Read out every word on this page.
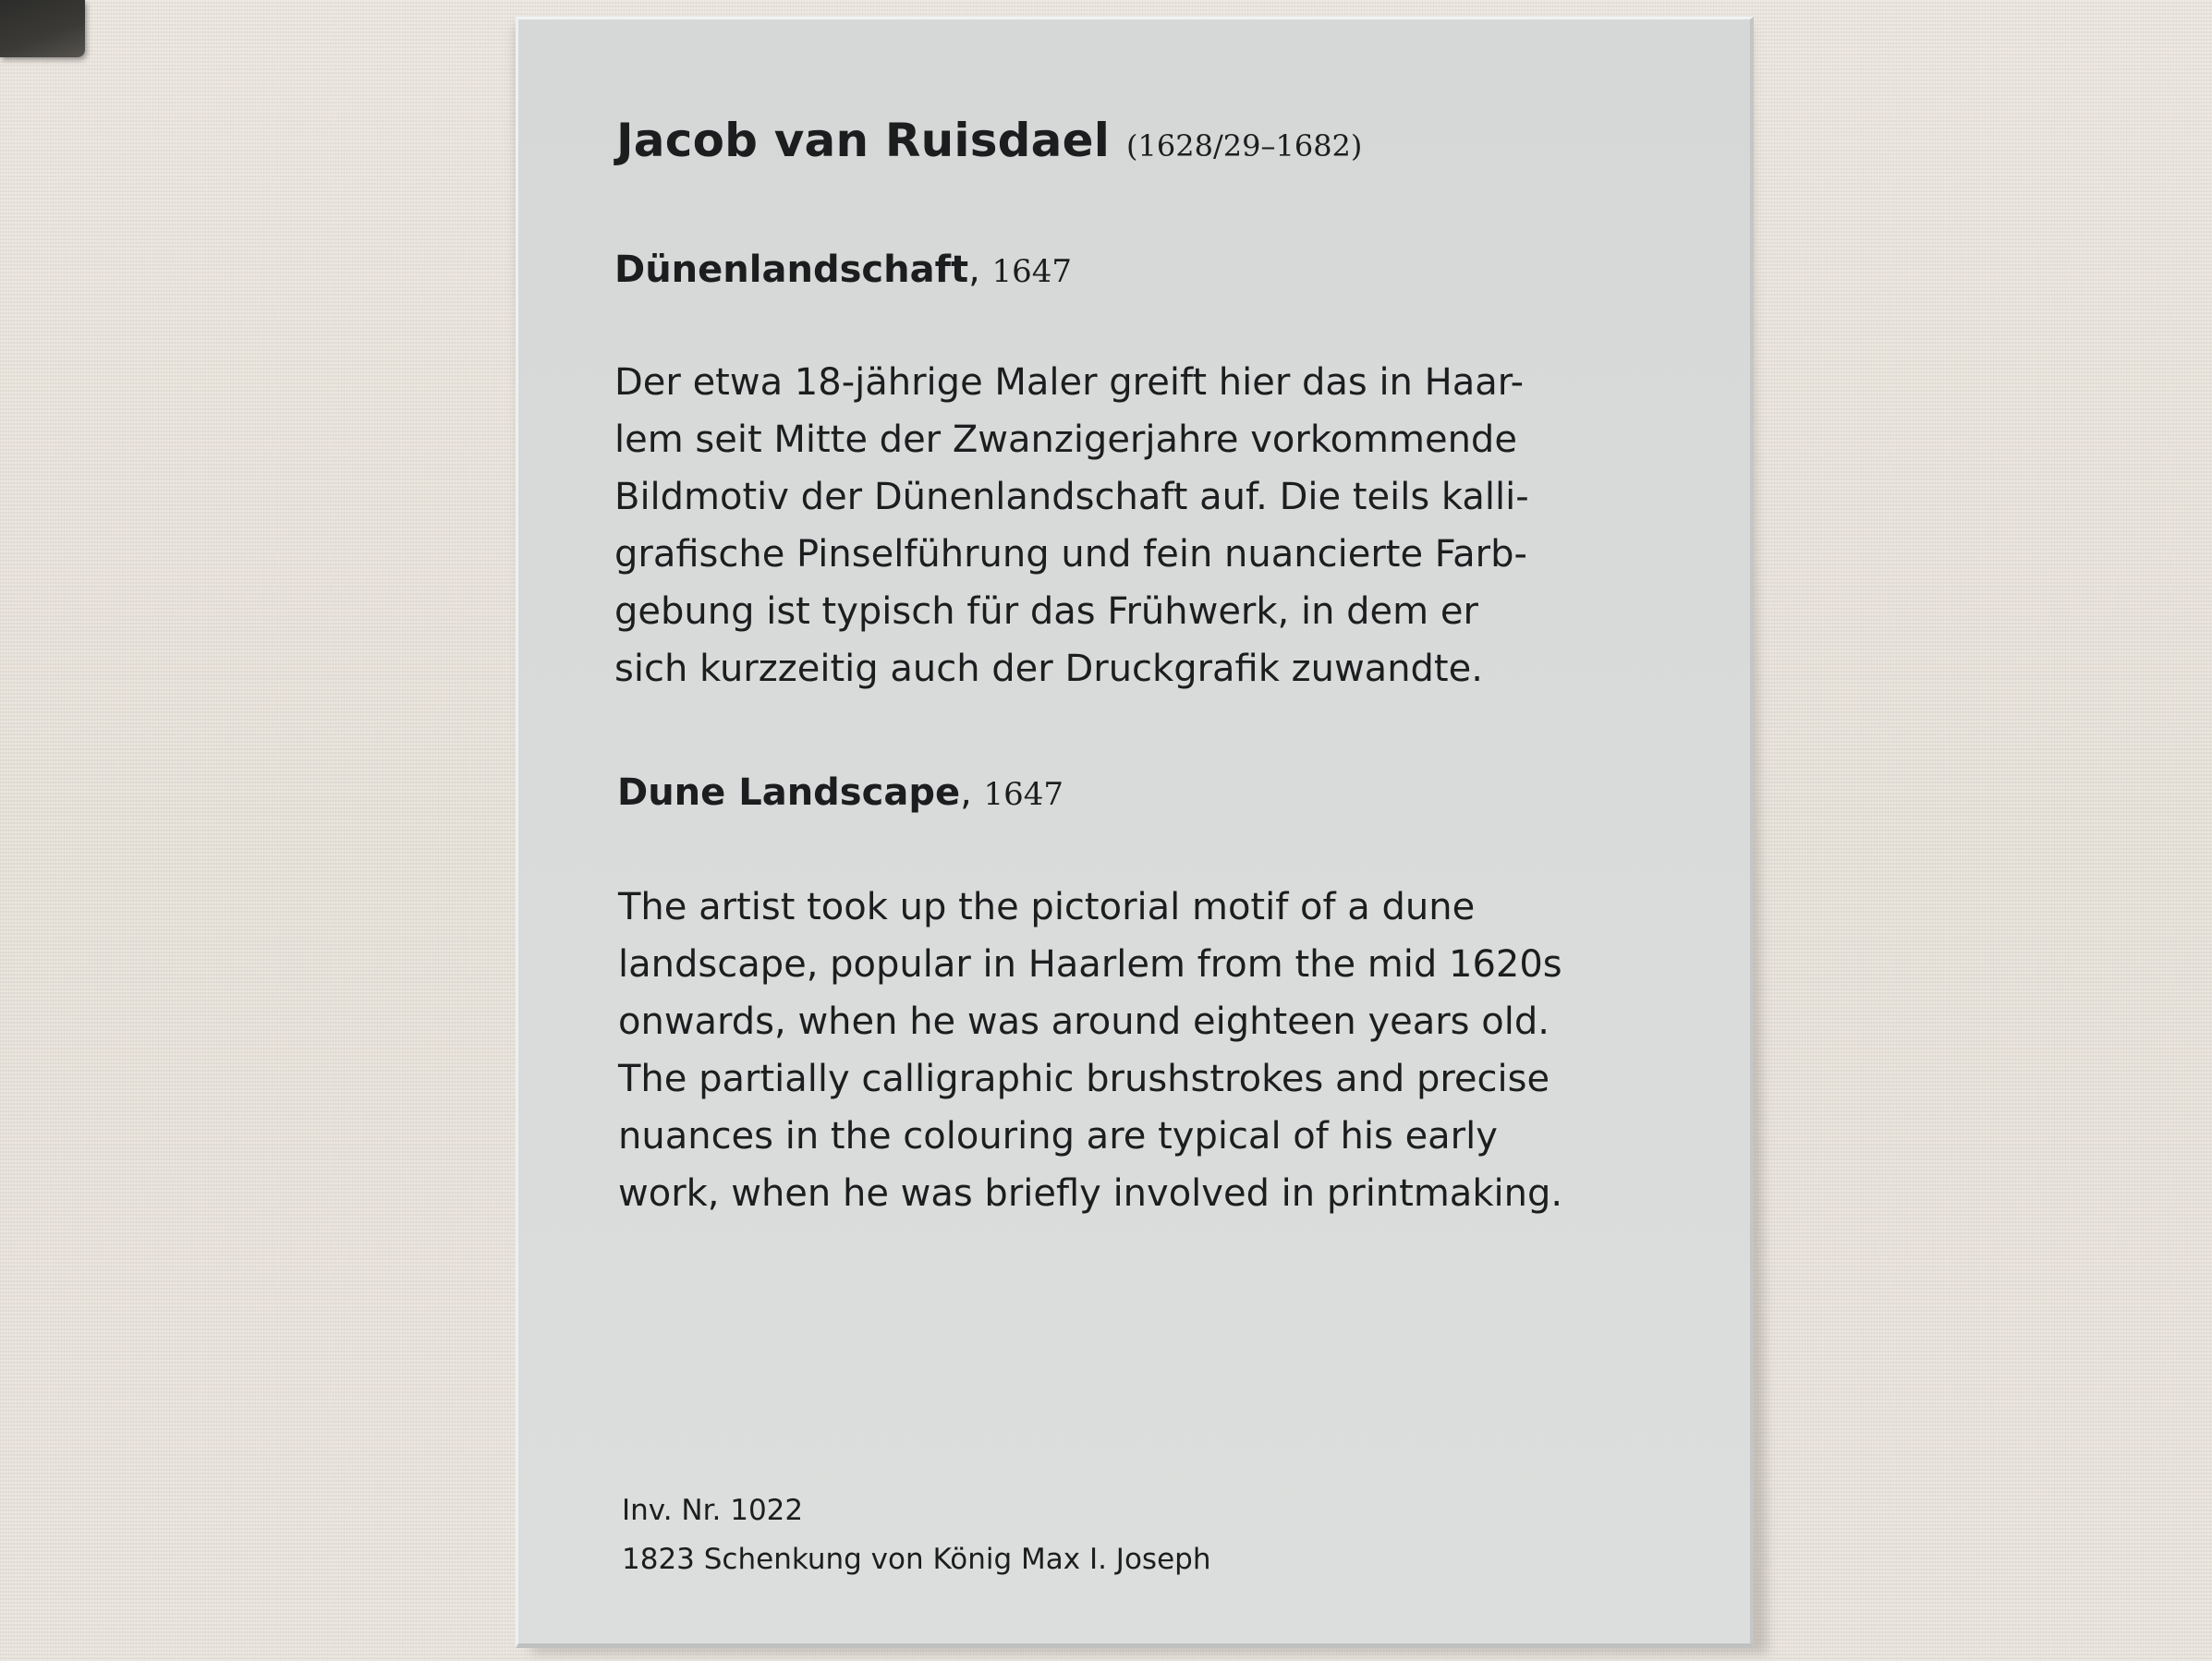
Jacob van Ruisdael (1628/29–1682)
Dünenlandschaft, 1647
Der etwa 18-jährige Maler greift hier das in Haar-
lem seit Mitte der Zwanzigerjahre vorkommende
Bildmotiv der Dünenlandschaft auf. Die teils kalli-
grafische Pinselführung und fein nuancierte Farb-
gebung ist typisch für das Frühwerk, in dem er
sich kurzzeitig auch der Druckgrafik zuwandte.
Dune Landscape, 1647
The artist took up the pictorial motif of a dune
landscape, popular in Haarlem from the mid 1620s
onwards, when he was around eighteen years old.
The partially calligraphic brushstrokes and precise
nuances in the colouring are typical of his early
work, when he was briefly involved in printmaking.
Inv. Nr. 1022
1823 Schenkung von König Max I. Joseph
